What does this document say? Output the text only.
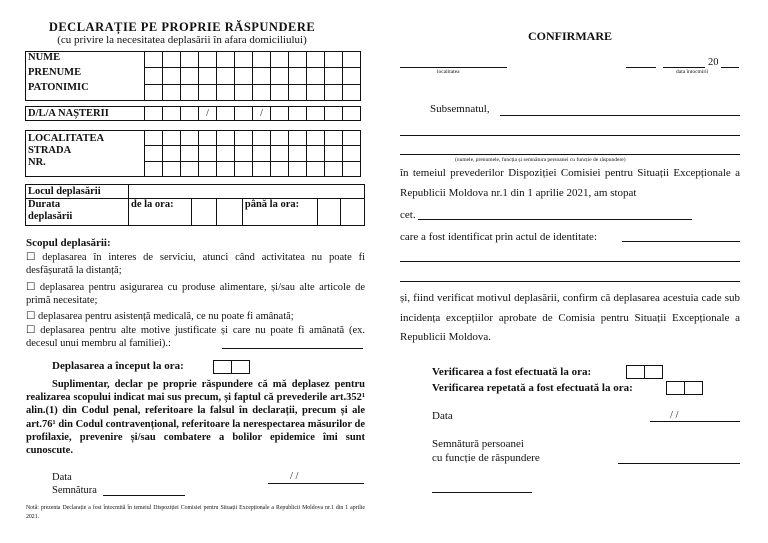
DECLARAȚIE PE PROPRIE RĂSPUNDERE
(cu privire la necesitatea deplasării în afara domiciliului)
NUME
PRENUME
PATONIMIC												

D/L/A NAȘTERII				/			/					
LOCALITATEA
STRADA
NR.												

Locul deplasării						

Durata
deplasării	de la ora:			până la ora:		

Scopul deplasării:
☐ deplasarea în interes de serviciu, atunci când activitatea nu poate fi desfășurată la distanță;
☐ deplasarea pentru asigurarea cu produse alimentare, și/sau alte articole de primă necesitate;
☐ deplasarea pentru asistență medicală, ce nu poate fi amânată;
☐ deplasarea pentru alte motive justificate și care nu poate fi amânată (ex. decesul unui membru al familiei).:
Deplasarea a început la ora:
Suplimentar, declar pe proprie răspundere că mă deplasez pentru realizarea scopului indicat mai sus precum, și faptul că prevederile art.352¹ alin.(1) din Codul penal, referitoare la falsul în declarații, precum și ale art.76¹ din Codul contravențional, referitoare la nerespectarea măsurilor de profilaxie, prevenire și/sau combatere a bolilor epidemice îmi sunt cunoscute.
Data	/ /
Semnătura
Notă: prezenta Declarație a fost întocmită în temeiul Dispoziției Comisiei pentru Situații Excepționale a Republicii Moldova nr.1 din 1 aprilie 2021.
CONFIRMARE
localitatea
20
data întocmirii
Subsemnatul,
(numele, prenumele, funcția și semnătura persoanei cu funcție de răspundere)
în temeiul prevederilor Dispoziției Comisiei pentru Situații Excepționale a Republicii Moldova nr.1 din 1 aprilie 2021, am stopat
cet.
care a fost identificat prin actul de identitate:
și, fiind verificat motivul deplasării, confirm că deplasarea acestuia cade sub incidența excepțiilor aprobate de Comisia pentru Situații Excepționale a Republicii Moldova.
Verificarea a fost efectuată la ora:
Verificarea repetată a fost efectuată la ora:
Data	/ /
Semnătură persoanei
cu funcție de răspundere
